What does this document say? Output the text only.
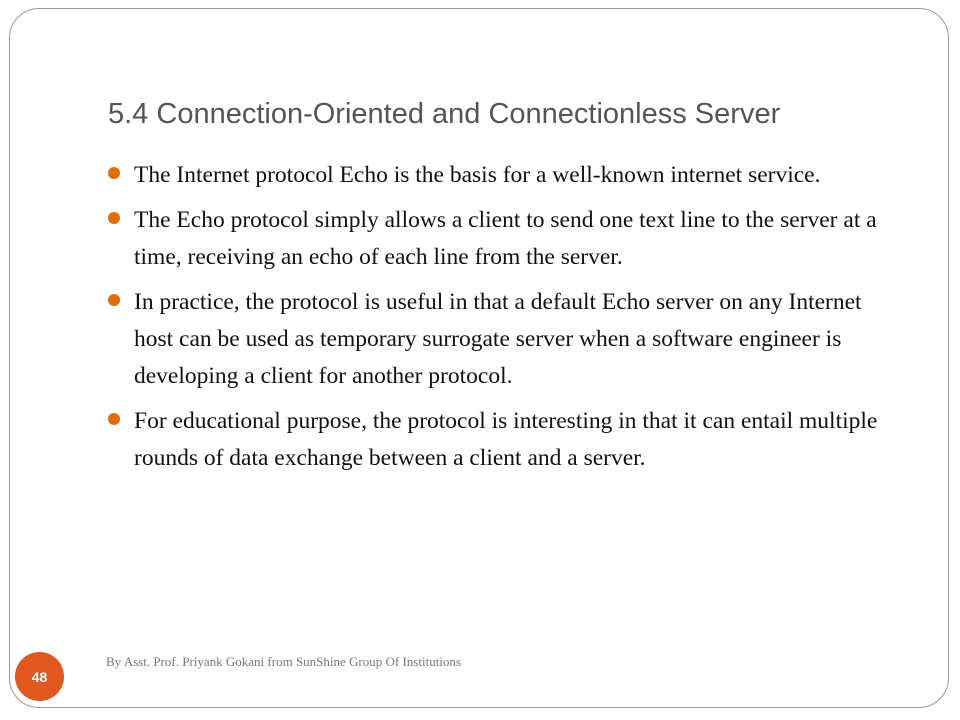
5.4 Connection-Oriented and Connectionless Server
The Internet protocol Echo is the basis for a well-known internet service.
The Echo protocol simply allows a client to send one text line to the server at a time, receiving an echo of each line from the server.
In practice, the protocol is useful in that a default Echo server on any Internet host can be used as temporary surrogate server when a software engineer is developing a client for another protocol.
For educational purpose, the protocol is interesting in that it can entail multiple rounds of data exchange between a client and a server.
48
By Asst. Prof. Priyank Gokani from SunShine Group Of Institutions
